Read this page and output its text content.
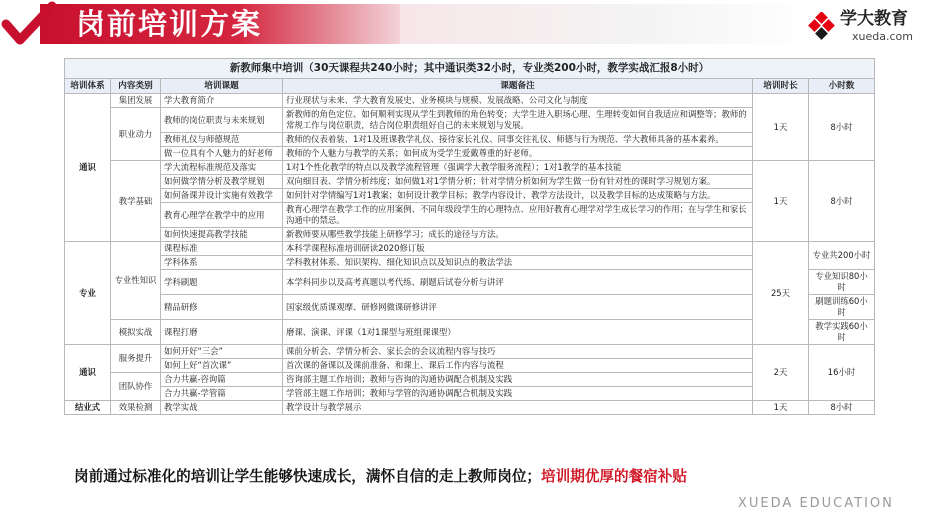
岗前培训方案	学大教育
xueda.com
新教师集中培训（30天课程共240小时；其中通识类32小时，专业类200小时，教学实战汇报8小时）					
培训体系	内容类别	培训课题	课题备注	培训时长	小时数
通识	集团发展	学大教育简介	行业现状与未来、学大教育发展史、业务模块与规模、发展战略、公司文化与制度	1天	8小时
	职业动力	教师的岗位职责与未来规划	新教师的角色定位、如何顺利实现从学生到教师的角色转变；大学生进入职场心理、生理转变如何自我适应和调整等；教师的常规工作与岗位职责，结合岗位职责组好自己的未来规划与发展。		
		教师礼仪与师德规范	教师的仪表着装、1对1及班课教学礼仪、接待家长礼仪、同事交往礼仪、师德与行为规范、学大教师具备的基本素养。		
		做一位具有个人魅力的好老师	教师的个人魅力与教学的关系；如何成为受学生爱戴尊重的好老师。		
	教学基础	学大流程标准规范及落实	1对1个性化教学的特点以及教学流程管理（强调学大教学服务流程）；1对1教学的基本技能	1天	8小时
		如何做学情分析及教学规划	双向细目表、学情分析纬度；如何做1对1学情分析；针对学情分析如何为学生做一份有针对性的课时学习规划方案。		
		如何备课并设计实施有效教学	如何针对学情编写1对1教案；如何设计教学目标；教学内容设计、教学方法设计，以及教学目标的达成策略与方法。		
		教育心理学在教学中的应用	教育心理学在教学工作的应用案例、不同年级段学生的心理特点、应用好教育心理学对学生成长学习的作用；在与学生和家长沟通中的禁忌。		
		如何快速提高教学技能	新教师要从哪些教学技能上研修学习；成长的途径与方法。		
专业	专业性知识	课程标准	本科学课程标准培训研读2020修订版	25天	专业共200小时
		学科体系	学科教材体系、知识架构、细化知识点以及知识点的教法学法		
		学科刷题	本学科同步以及高考真题以考代练、刷题后试卷分析与讲评		专业知识80小时
		精品研修	国家级优质课观摩、研修网微课研修讲评		刷题训练60小时
	模拟实战	课程打磨	磨课、演课、评课（1对1课型与班组课课型）		教学实践60小时
通识	服务提升	如何开好“三会”	课前分析会、学情分析会、家长会的会议流程内容与技巧	2天	16小时
		如何上好“首次课”	首次课的备课以及课前准备、和课上、课后工作内容与流程		
	团队协作	合力共赢-咨询篇	咨询部主题工作培训；教师与咨询的沟通协调配合机制及实践		
		合力共赢-学管篇	学管部主题工作培训；教师与学管的沟通协调配合机制及实践		
结业式	效果检测	教学实战	教学设计与教学展示	1天	8小时
岗前通过标准化的培训让学生能够快速成长，满怀自信的走上教师岗位；培训期优厚的餐宿补贴
XUEDA EDUCATION
